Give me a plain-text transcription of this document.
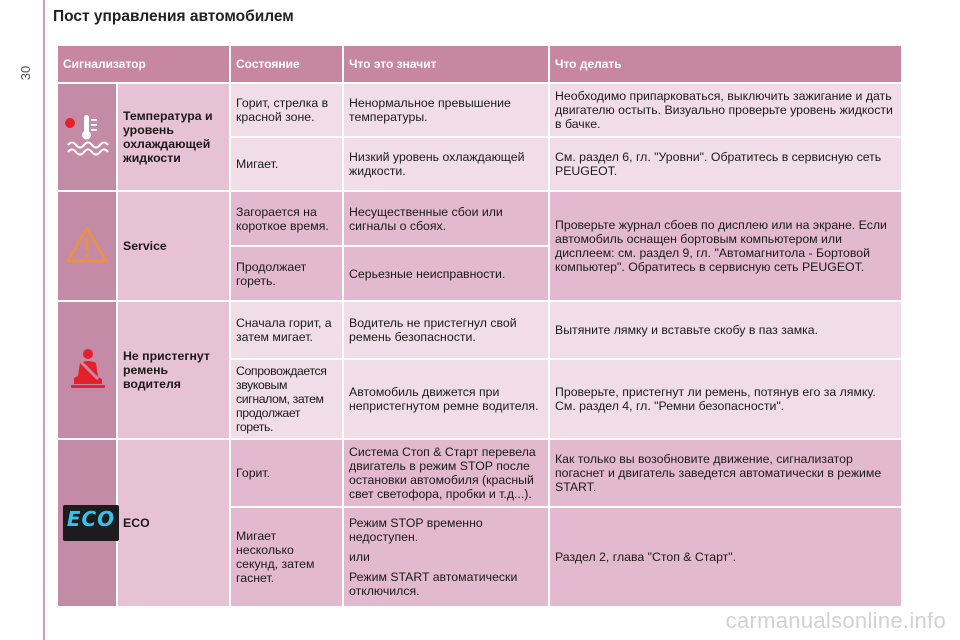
30
Пост управления автомобилем
Сигнализатор		Состояние	Что это значит	Что делать
	Температура и уровень охлаждающей жидкости	Горит, стрелка в красной зоне.	Ненормальное превышение температуры.	Необходимо припарковаться, выключить зажигание и дать двигателю остыть. Визуально проверьте уровень жидкости в бачке.
		Мигает.	Низкий уровень охлаждающей жидкости.	См. раздел 6, гл. "Уровни". Обратитесь в сервисную сеть PEUGEOT.
	Service	Загорается на короткое время.	Несущественные сбои или сигналы о сбоях.	Проверьте журнал сбоев по дисплею или на экране. Если автомобиль оснащен бортовым компьютером или дисплеем: см. раздел 9, гл. "Автомагнитола - Бортовой компьютер". Обратитесь в сервисную сеть PEUGEOT.
		Продолжает гореть.	Серьезные неисправности.	
	Не пристегнут ремень водителя	Сначала горит, а затем мигает.	Водитель не пристегнул свой ремень безопасности.	Вытяните лямку и вставьте скобу в паз замка.
		Сопровождается звуковым сигналом, затем продолжает гореть.	Автомобиль движется при непристегнутом ремне водителя.	Проверьте, пристегнут ли ремень, потянув его за лямку. См. раздел 4, гл. "Ремни безопасности".

ECO	ECO	Горит.	Система Стоп & Старт перевела двигатель в режим STOP после остановки автомобиля (красный свет светофора, пробки и т.д...).	Как только вы возобновите движение, сигнализатор погаснет и двигатель заведется автоматически в режиме START.
		Мигает несколько секунд, затем гаснет.	Режим STOP временно недоступен.
или
Режим START автоматически отключился.	Раздел 2, глава "Стоп & Старт".
carmanualsonline.info
